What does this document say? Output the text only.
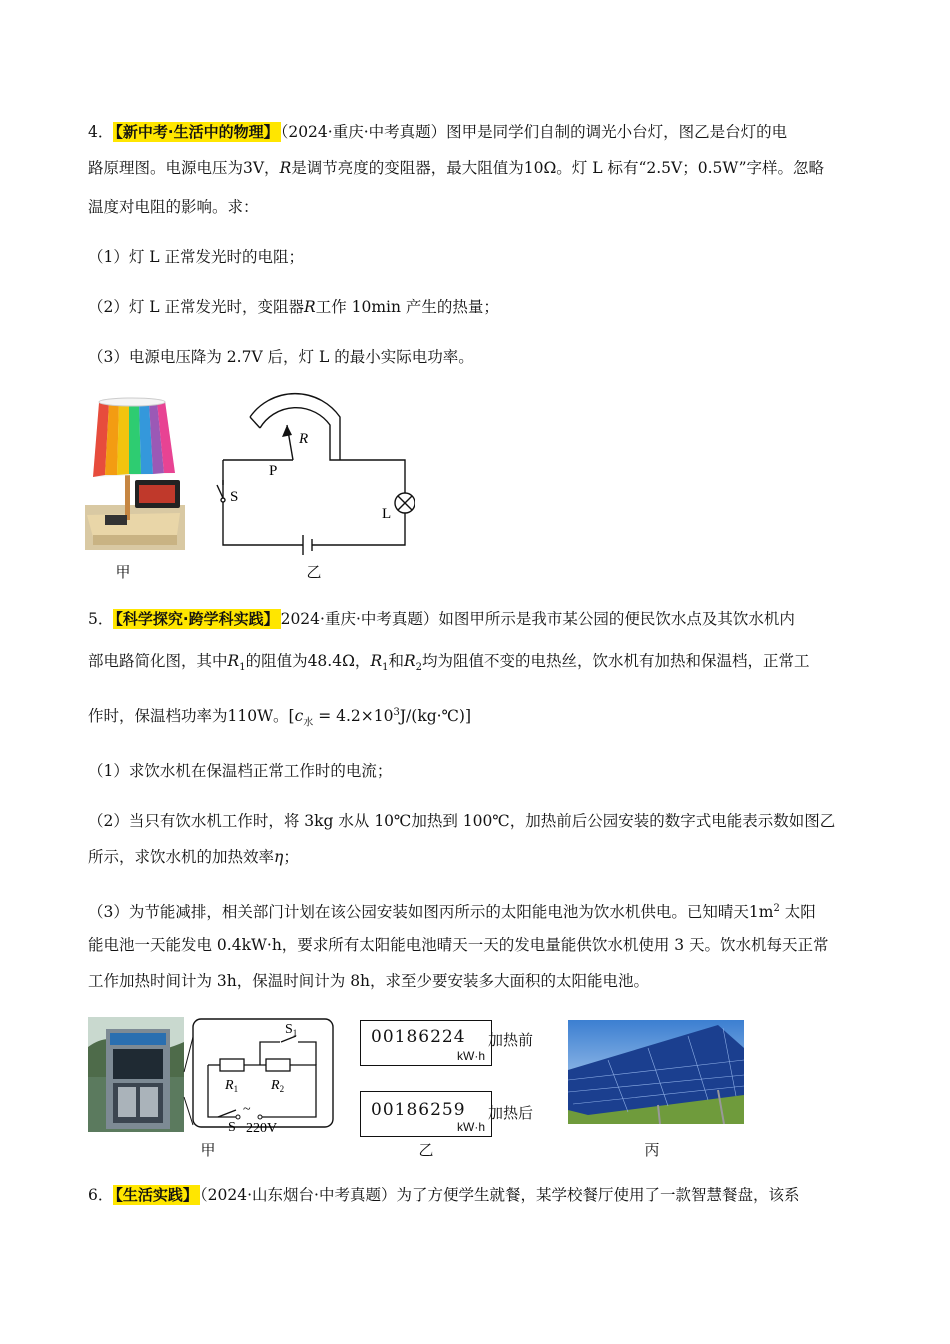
4． 【新中考·生活中的物理】 （2024·重庆·中考真题）图甲是同学们自制的调光小台灯，图乙是台灯的电
路原理图。电源电压为3V，R是调节亮度的变阻器，最大阻值为10Ω。灯 L 标有“2.5V；0.5W”字样。忽略
温度对电阻的影响。求：
（1）灯 L 正常发光时的电阻；
（2）灯 L 正常发光时，变阻器R工作 10min 产生的热量；
（3）电源电压降为 2.7V 后，灯 L 的最小实际电功率。
甲
P
R
S
L
乙
5． 【科学探究·跨学科实践】 2024·重庆·中考真题）如图甲所示是我市某公园的便民饮水点及其饮水机内
部电路简化图，其中$R_1$的阻值为48.4Ω，$R_1$和$R_2$均为阻值不变的电热丝，饮水机有加热和保温档，正常工
作时，保温档功率为110W。[$c_水$ = $4.2\times 10^3J/(kg\cdot℃)$]
（1）求饮水机在保温档正常工作时的电流；
（2）当只有饮水机工作时，将 3kg 水从 10℃加热到 100℃，加热前后公园安装的数字式电能表示数如图乙
所示，求饮水机的加热效率η；
（3）为节能减排，相关部门计划在该公园安装如图丙所示的太阳能电池为饮水机供电。已知晴天$1m^2$ 太阳
能电池一天能发电 0.4kW·h，要求所有太阳能电池晴天一天的发电量能供饮水机使用 3 天。饮水机每天正常
工作加热时间计为 3h，保温时间计为 8h，求至少要安装多大面积的太阳能电池。
$S_1$
$R_1$ $R_2$
S
~
220V
甲
00186224
kW·h
加热前
00186259
kW·h
加热后
乙	丙
6． 【生活实践】 （2024·山东烟台·中考真题）为了方便学生就餐，某学校餐厅使用了一款智慧餐盘，该系
